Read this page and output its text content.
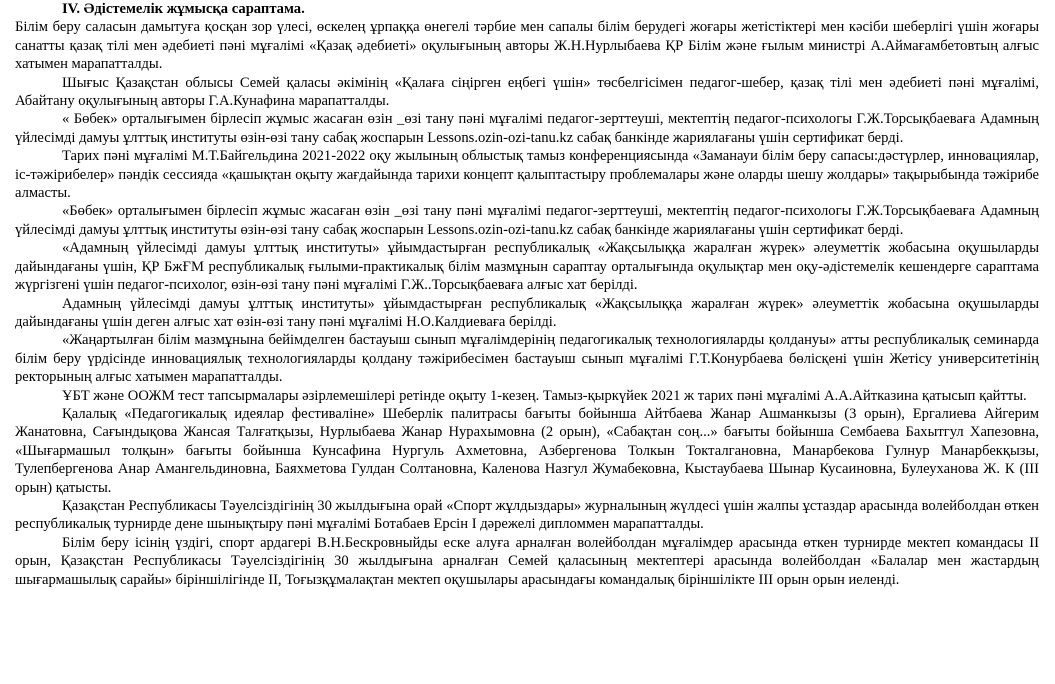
IV. Әдістемелік жұмысқа сараптама.

Білім беру саласын дамытуға қосқан зор үлесі, өскелең ұрпаққа өнегелі тәрбие мен сапалы білім берудегі жоғары жетістіктері мен кәсіби шеберлігі үшін жоғары санатты қазақ тілі мен әдебиеті пәні мұғалімі «Қазақ әдебиеті» оқулығының авторы Ж.Н.Нурлыбаева ҚР Білім және ғылым министрі А.Аймағамбетовтың алғыс хатымен марапатталды.

Шығыс Қазақстан облысы Семей қаласы әкімінің «Қалаға сіңірген еңбегі үшін» төсбелгісімен педагог-шебер, қазақ тілі мен әдебиеті пәні мұғалімі, Абайтану оқулығының авторы Г.А.Кунафина марапатталды.

« Бөбек» орталығымен бірлесіп жұмыс жасаған өзін _өзі тану пәні мұғалімі педагог-зерттеуші, мектептің педагог-психологы Г.Ж.Торсықбаеваға Адамның үйлесімді дамуы ұлттық институты өзін-өзі тану сабақ жоспарын Lessons.ozin-ozi-tanu.kz сабақ банкінде жариялағаны үшін сертификат берді.

Тарих пәні мұғалімі М.Т.Байгельдина 2021-2022 оқу жылының облыстық тамыз конференциясында «Заманауи білім беру сапасы:дәстүрлер, инновациялар, іс-тәжірибелер» пәндік сессияда «қашықтан оқыту жағдайында тарихи концепт қалыптастыру проблемалары және оларды шешу жолдары» тақырыбында тәжірибе алмасты.

«Бөбек» орталығымен бірлесіп жұмыс жасаған өзін _өзі тану пәні мұғалімі педагог-зерттеуші, мектептің педагог-психологы Г.Ж.Торсықбаеваға Адамның үйлесімді дамуы ұлттық институты өзін-өзі тану сабақ жоспарын Lessons.ozin-ozi-tanu.kz сабақ банкінде жариялағаны үшін сертификат берді.

«Адамның үйлесімді дамуы ұлттық институты» ұйымдастырған республикалық «Жақсылыққа жаралған жүрек» әлеуметтік жобасына оқушыларды дайындағаны үшін, ҚР БжҒМ республикалық ғылыми-практикалық білім мазмұнын сараптау орталығында оқулықтар мен оқу-әдістемелік кешендерге сараптама жүргізгені үшін педагог-психолог, өзін-өзі тану пәні мұғалімі Г.Ж..Торсықбаеваға алғыс хат берілді.

Адамның үйлесімді дамуы ұлттық институты» ұйымдастырған республикалық «Жақсылыққа жаралған жүрек» әлеуметтік жобасына оқушыларды дайындағаны үшін деген алғыс хат өзін-өзі тану пәні мұғалімі Н.О.Калдиеваға берілді.

«Жаңартылған білім мазмұнына бейімделген бастауыш сынып мұғалімдерінің педагогикалық технологияларды қолдануы» атты республикалық семинарда білім беру үрдісінде инновациялық технологияларды қолдану тәжірибесімен бастауыш сынып мұғалімі Г.Т.Конурбаева бөлісқені үшін Жетісу университетінің ректорының алғыс хатымен марапатталды.

ҰБТ және ООЖМ тест тапсырмалары әзірлемешілері ретінде оқыту 1-кезең. Тамыз-қыркүйек 2021 ж тарих пәні мұғалімі А.А.Айтказина қатысып қайтты.

Қалалық «Педагогикалық идеялар фестивалiне» Шеберлік палитрасы бағыты бойынша Айтбаева Жанар Ашманкызы (3 орын), Ергалиева Айгерим Жанатовна, Сағындықова Жансая Талғатқызы, Нурлыбаева Жанар Нурахымовна (2 орын), «Сабақтан соң...» бағыты бойынша Сембаева Бахытгул Хапезовна, «Шығармашыл толқын» бағыты бойынша Кунсафина Нургуль Ахметовна, Азбергенова Толкын Токталгановна, Манарбекова Гулнур Манарбекқызы, Тулепбергенова Анар Амангельдиновна, Баяхметова Гулдан Солтановна, Каленова Назгул Жумабековна, Кыстаубаева Шынар Кусаиновна, Булеуханова Ж. К (III орын) қатысты.

Қазақстан Республикасы Тәуелсіздігінің 30 жылдығына орай «Спорт жұлдыздары» журналының жүлдесі үшін жалпы ұстаздар арасында волейболдан өткен республикалық турнирде дене шынықтыру пәні мұғалімі Ботабаев Ерсін І дәрежелі дипломмен марапатталды.

Білім беру ісінің үздігі, спорт ардагері В.Н.Бескровныйды еске алуға арналған волейболдан мұғалімдер арасында өткен турнирде мектеп командасы ІІ орын, Қазақстан Республикасы Тәуелсіздігінің 30 жылдығына арналған Семей қаласының мектептері арасында волейболдан «Балалар мен жастардың шығармашылық сарайы» біріншілігінде ІІ, Тоғызқұмалақтан мектеп оқушылары арасындағы командалық біріншілікте ІІІ орын орын иеленді.
